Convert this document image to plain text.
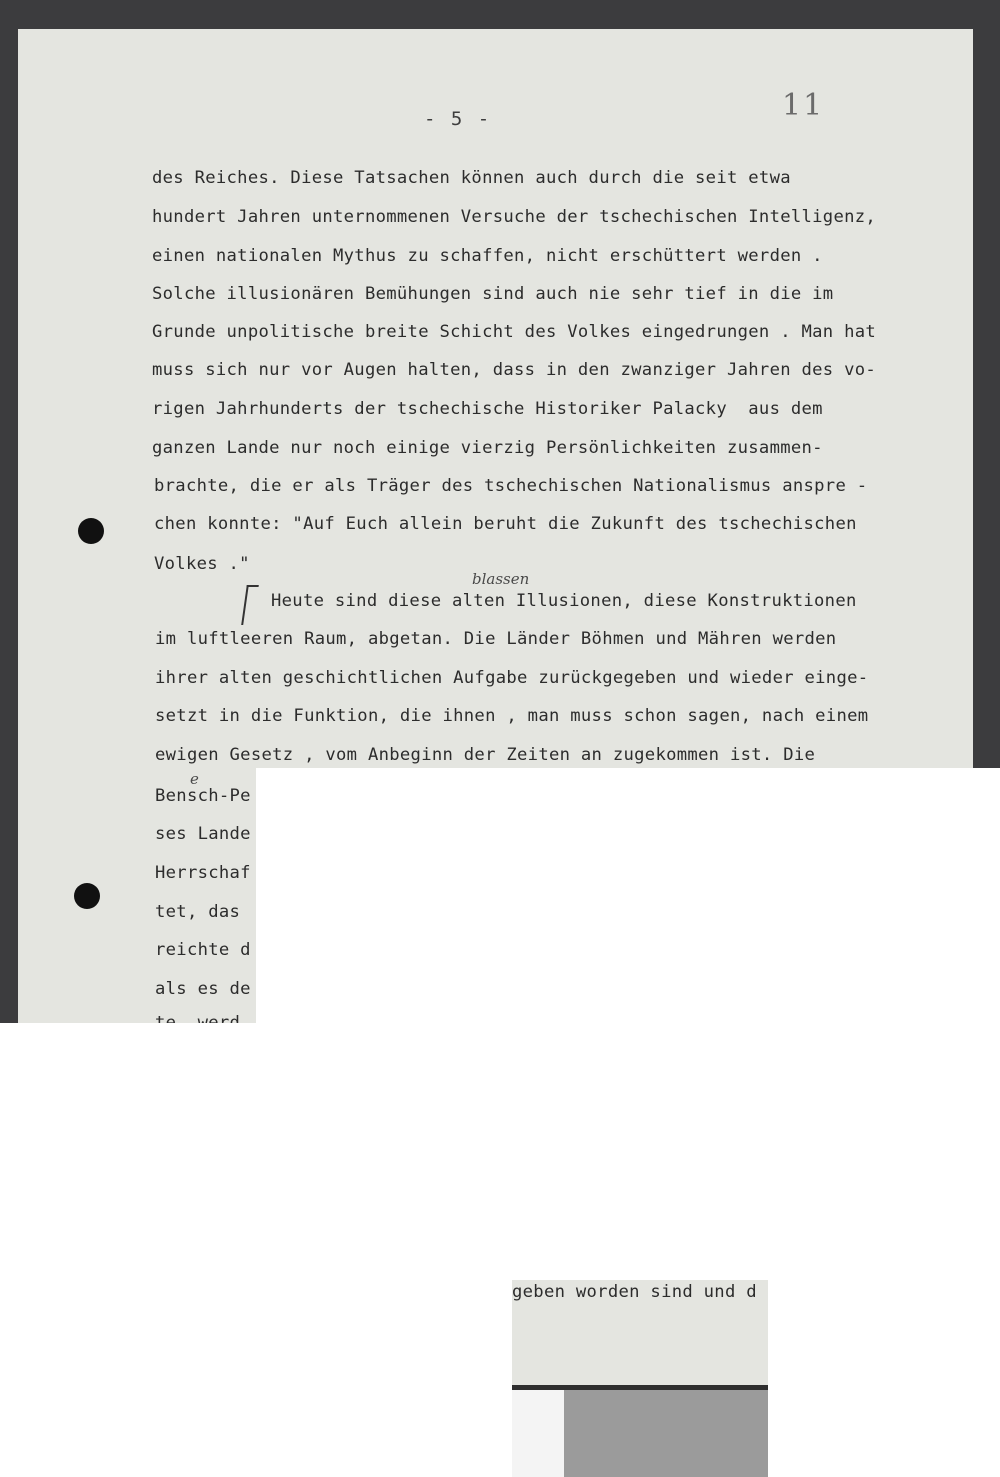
- 5 -	11
des Reiches. Diese Tatsachen können auch durch die seit etwa
hundert Jahren unternommenen Versuche der tschechischen Intelligenz,
einen nationalen Mythus zu schaffen, nicht erschüttert werden .
Solche illusionären Bemühungen sind auch nie sehr tief in die im
Grunde unpolitische breite Schicht des Volkes eingedrungen . Man hat
muss sich nur vor Augen halten, dass in den zwanziger Jahren des vo-
rigen Jahrhunderts der tschechische Historiker Palacky  aus dem
ganzen Lande nur noch einige vierzig Persönlichkeiten zusammen-
brachte, die er als Träger des tschechischen Nationalismus anspre -
chen konnte: "Auf Euch allein beruht die Zukunft des tschechischen
Volkes ."
blassen
Heute sind diese alten Illusionen, diese Konstruktionen
im luftleeren Raum, abgetan. Die Länder Böhmen und Mähren werden
ihrer alten geschichtlichen Aufgabe zurückgegeben und wieder einge-
setzt in die Funktion, die ihnen , man muss schon sagen, nach einem
ewigen Gesetz , vom Anbeginn der Zeiten an zugekommen ist. Die
e
Bensch-Pe
ses Lande
Herrschaf
tet, das
reichte d
als es de
geben worden sind und d
